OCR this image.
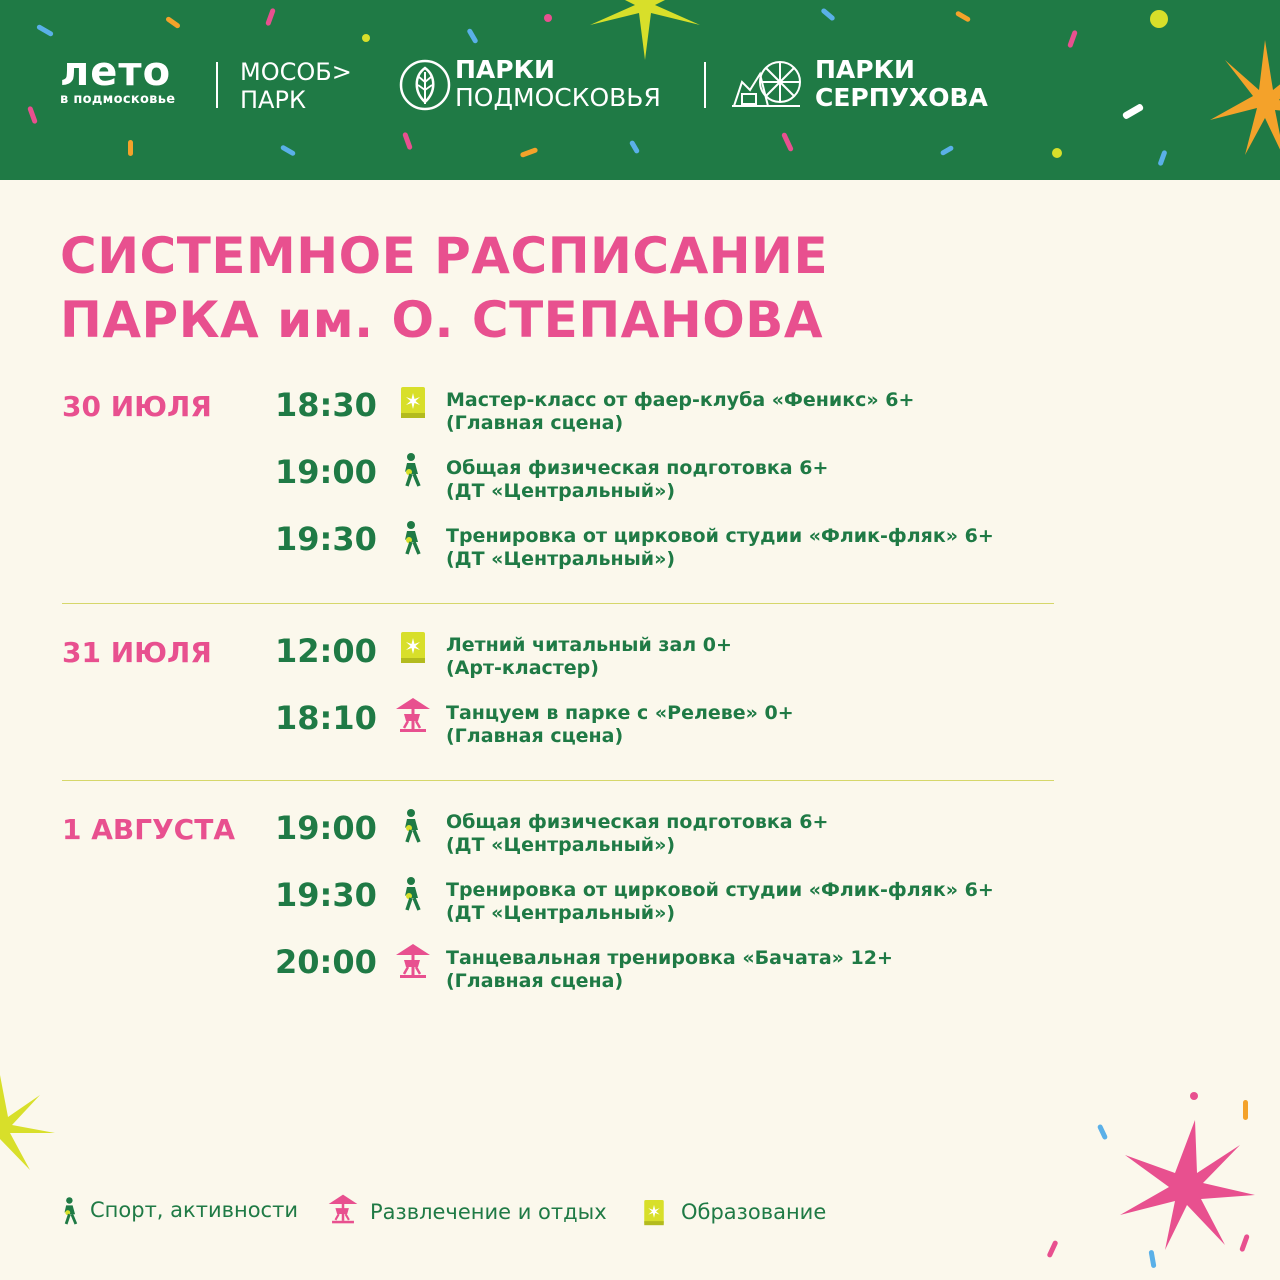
лето
в подмосковье
МОСОБ>
ПАРК
ПАРКИ
ПОДМОСКОВЬЯ
ПАРКИ
СЕРПУХОВА
СИСТЕМНОЕ РАСПИСАНИЕ
ПАРКА им. О. СТЕПАНОВА
30 ИЮЛЯ 18:30	Мастер-класс от фаер-клуба «Феникс» 6+
(Главная сцена)
19:00	Общая физическая подготовка 6+
(ДТ «Центральный»)
19:30	Тренировка от цирковой студии «Флик-фляк» 6+
(ДТ «Центральный»)
31 ИЮЛЯ 12:00	Летний читальный зал 0+
(Арт-кластер)
18:10	Танцуем в парке с «Релеве» 0+
(Главная сцена)
1 АВГУСТА 19:00	Общая физическая подготовка 6+
(ДТ «Центральный»)
19:30	Тренировка от цирковой студии «Флик-фляк» 6+
(ДТ «Центральный»)
20:00	Танцевальная тренировка «Бачата» 12+
(Главная сцена)
Спорт, активности	Развлечение и отдых	Образование
